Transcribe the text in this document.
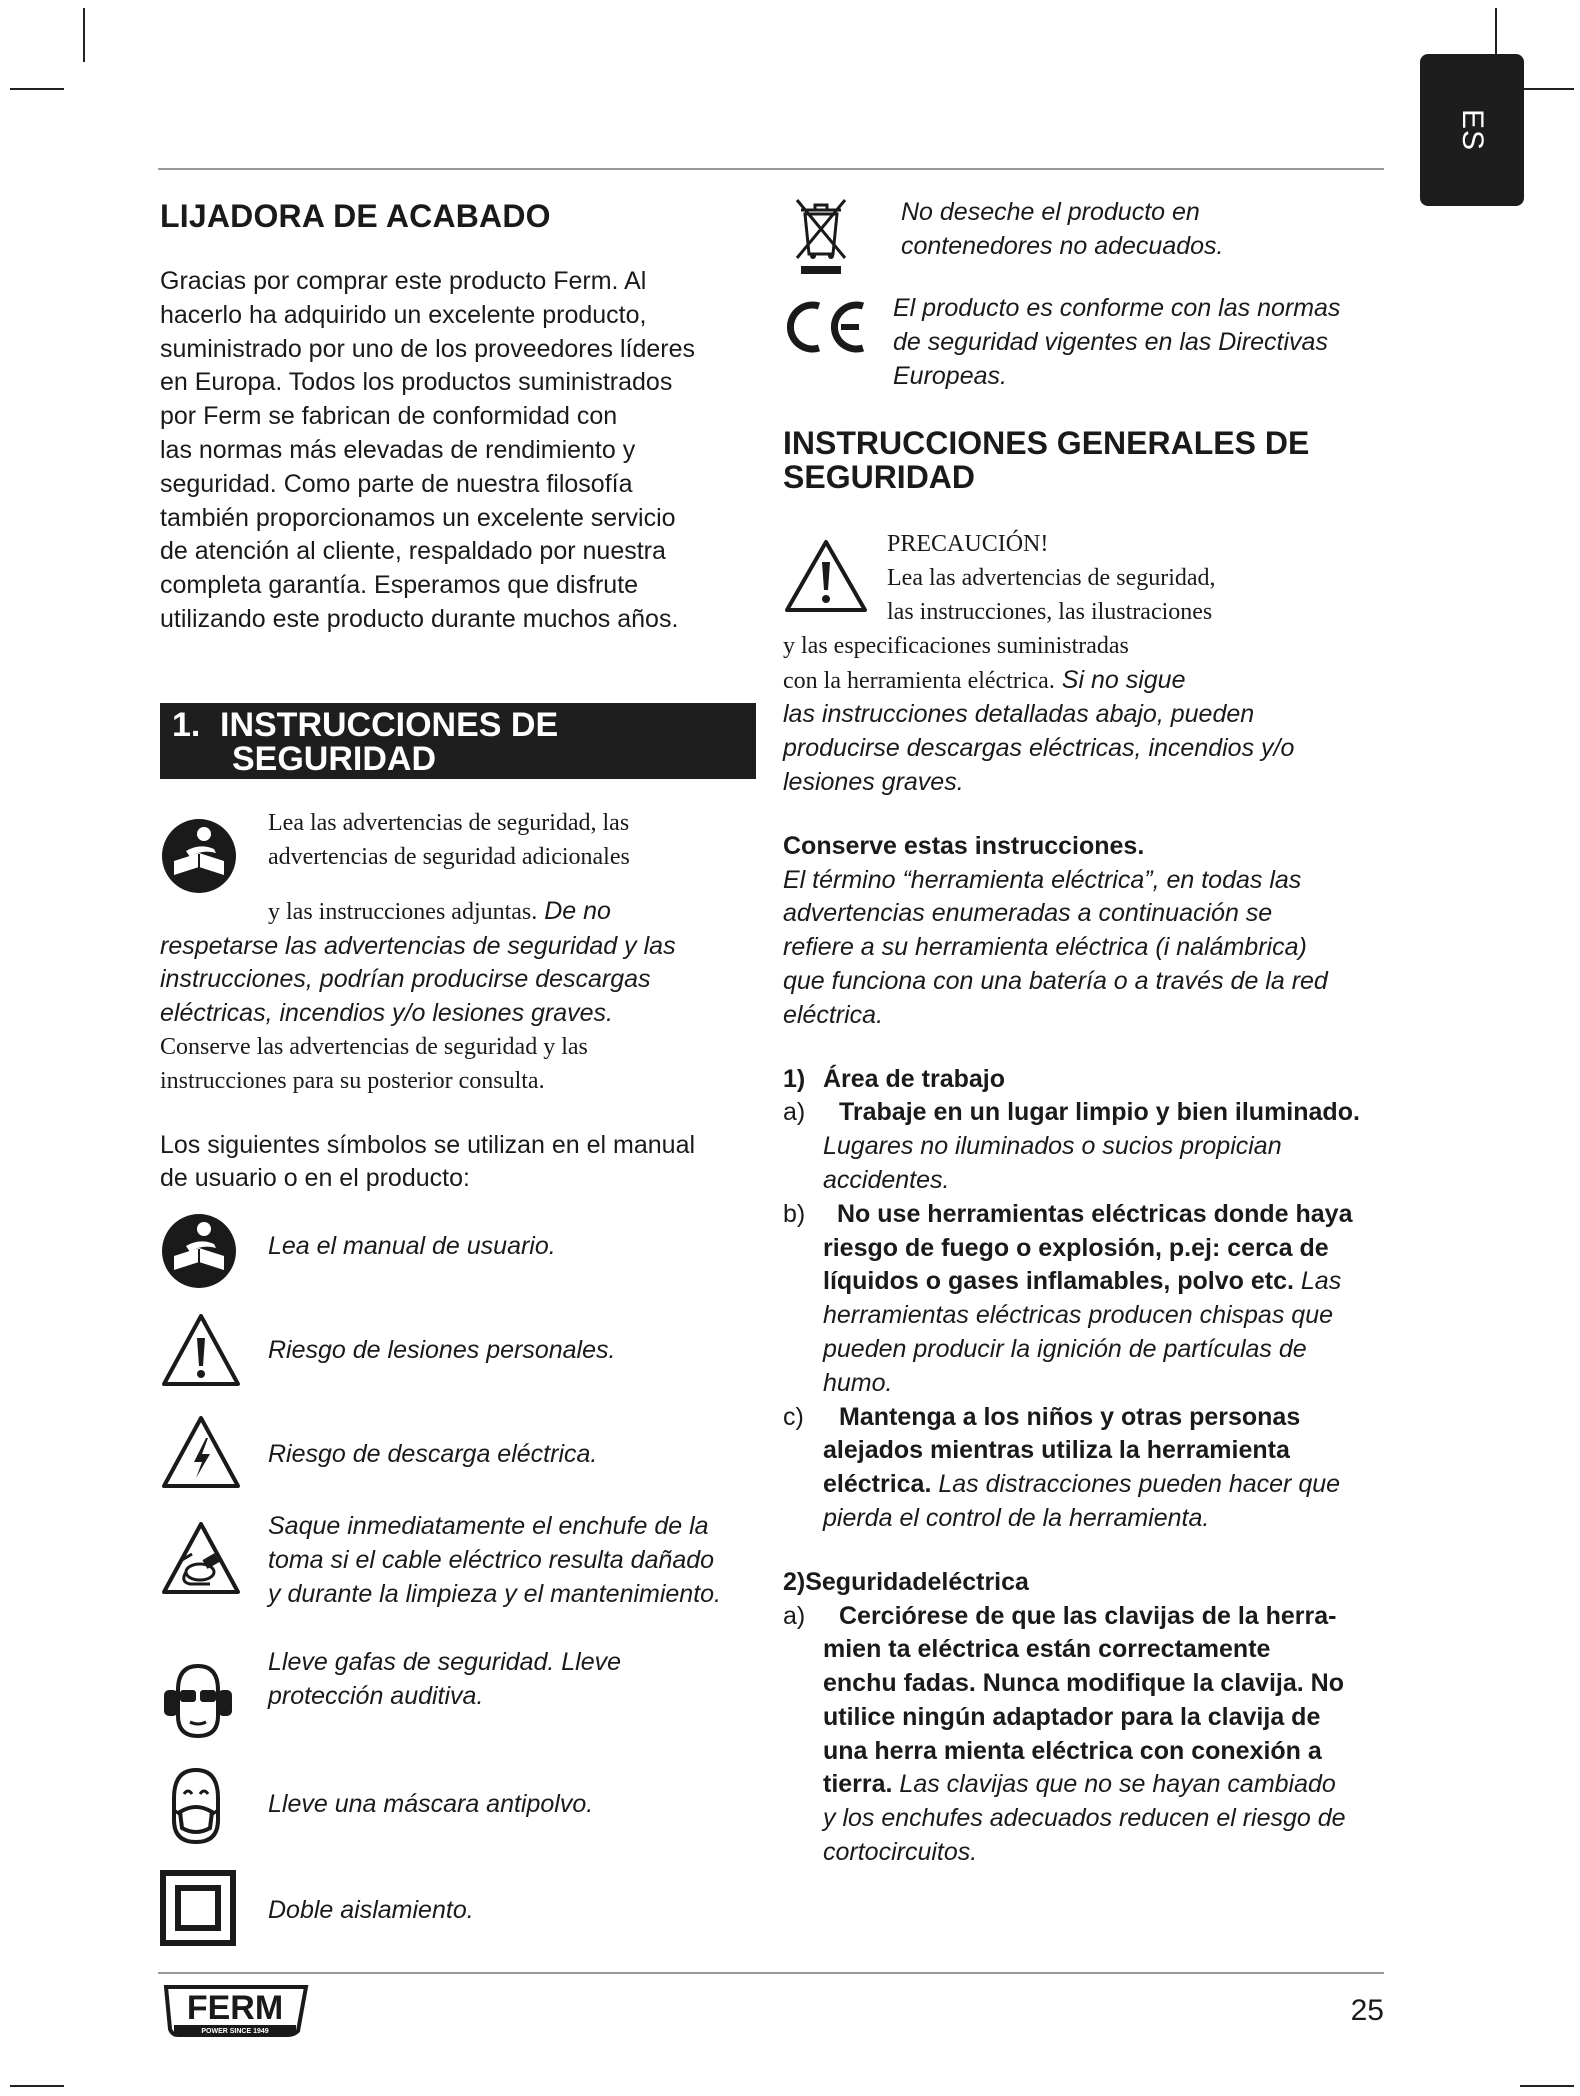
ES
LIJADORA DE ACABADO
Gracias por comprar este producto Ferm. Al
hacerlo ha adquirido un excelente producto,
suministrado por uno de los proveedores líderes
en Europa. Todos los productos suministrados
por Ferm se fabrican de conformidad con
las normas más elevadas de rendimiento y
seguridad. Como parte de nuestra filosofía
también proporcionamos un excelente servicio
de atención al cliente, respaldado por nuestra
completa garantía. Esperamos que disfrute
utilizando este producto durante muchos años.
1. INSTRUCCIONES DE
SEGURIDAD
Lea las advertencias de seguridad, las
advertencias de seguridad adicionales
y las instrucciones adjuntas. De no
respetarse las advertencias de seguridad y las
instrucciones, podrían producirse descargas
eléctricas, incendios y/o lesiones graves.
Conserve las advertencias de seguridad y las
instrucciones para su posterior consulta.
Los siguientes símbolos se utilizan en el manual
de usuario o en el producto:
Lea el manual de usuario.
Riesgo de lesiones personales.
Riesgo de descarga eléctrica.
Saque inmediatamente el enchufe de la
toma si el cable eléctrico resulta dañado
y durante la limpieza y el mantenimiento.
Lleve gafas de seguridad. Lleve
protección auditiva.
Lleve una máscara antipolvo.
Doble aislamiento.
No deseche el producto en
contenedores no adecuados.
El producto es conforme con las normas
de seguridad vigentes en las Directivas
Europeas.
INSTRUCCIONES GENERALES DE
SEGURIDAD
PRECAUCIÓN!
Lea las advertencias de seguridad,
las instrucciones, las ilustraciones
y las especificaciones suministradas
con la herramienta eléctrica. Si no sigue
las instrucciones detalladas abajo, pueden
producirse descargas eléctricas, incendios y/o
lesiones graves.
Conserve estas instrucciones.
El término “herramienta eléctrica”, en todas las
advertencias enumeradas a continuación se
refiere a su herramienta eléctrica (i nalámbrica)
que funciona con una batería o a través de la red
eléctrica.
1) Área de trabajo
a)	Trabaje en un lugar limpio y bien iluminado.
Lugares no iluminados o sucios propician
accidentes.
b)	No use herramientas eléctricas donde haya
riesgo de fuego o explosión, p.ej: cerca de
líquidos o gases inflamables, polvo etc. Las
herramientas eléctricas producen chispas que
pueden producir la ignición de partículas de
humo.
c)	Mantenga a los niños y otras personas
alejados mientras utiliza la herramienta
eléctrica. Las distracciones pueden hacer que
pierda el control de la herramienta.
2)Seguridadeléctrica
a)	Cerciórese de que las clavijas de la herra-
mien ta eléctrica están correctamente
enchu fadas. Nunca modifique la clavija. No
utilice ningún adaptador para la clavija de
una herra mienta eléctrica con conexión a
tierra. Las clavijas que no se hayan cambiado
y los enchufes adecuados reducen el riesgo de
cortocircuitos.
FERM
POWER SINCE 1949
25
